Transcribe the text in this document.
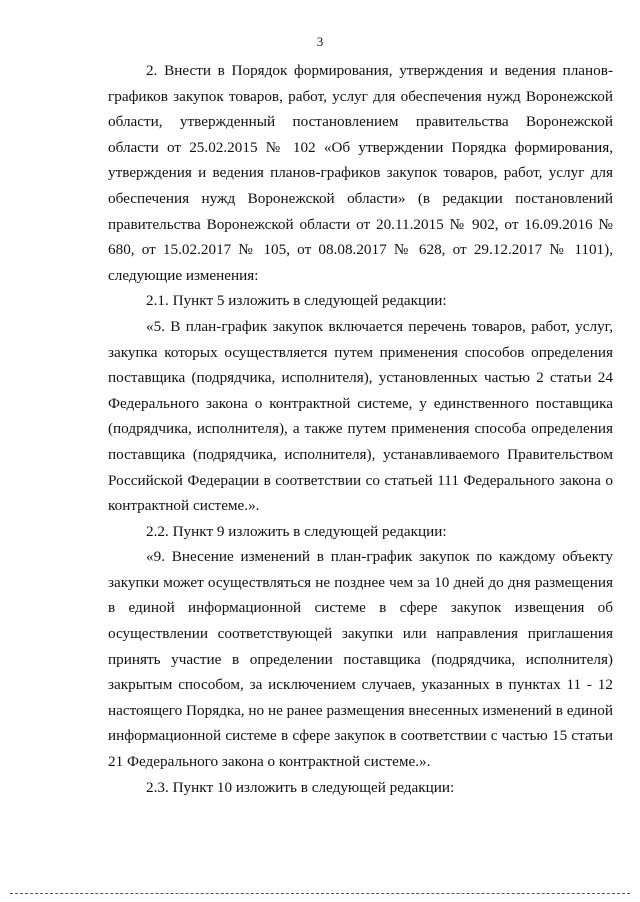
3

2. Внести в Порядок формирования, утверждения и ведения планов-графиков закупок товаров, работ, услуг для обеспечения нужд Воронежской области, утвержденный постановлением правительства Воронежской области от 25.02.2015 № 102 «Об утверждении Порядка формирования, утверждения и ведения планов-графиков закупок товаров, работ, услуг для обеспечения нужд Воронежской области» (в редакции постановлений правительства Воронежской области от 20.11.2015 № 902, от 16.09.2016 № 680, от 15.02.2017 № 105, от 08.08.2017 № 628, от 29.12.2017 № 1101), следующие изменения:

2.1. Пункт 5 изложить в следующей редакции:

«5. В план-график закупок включается перечень товаров, работ, услуг, закупка которых осуществляется путем применения способов определения поставщика (подрядчика, исполнителя), установленных частью 2 статьи 24 Федерального закона о контрактной системе, у единственного поставщика (подрядчика, исполнителя), а также путем применения способа определения поставщика (подрядчика, исполнителя), устанавливаемого Правительством Российской Федерации в соответствии со статьей 111 Федерального закона о контрактной системе.».

2.2. Пункт 9 изложить в следующей редакции:

«9. Внесение изменений в план-график закупок по каждому объекту закупки может осуществляться не позднее чем за 10 дней до дня размещения в единой информационной системе в сфере закупок извещения об осуществлении соответствующей закупки или направления приглашения принять участие в определении поставщика (подрядчика, исполнителя) закрытым способом, за исключением случаев, указанных в пунктах 11 - 12 настоящего Порядка, но не ранее размещения внесенных изменений в единой информационной системе в сфере закупок в соответствии с частью 15 статьи 21 Федерального закона о контрактной системе.».

2.3. Пункт 10 изложить в следующей редакции:
